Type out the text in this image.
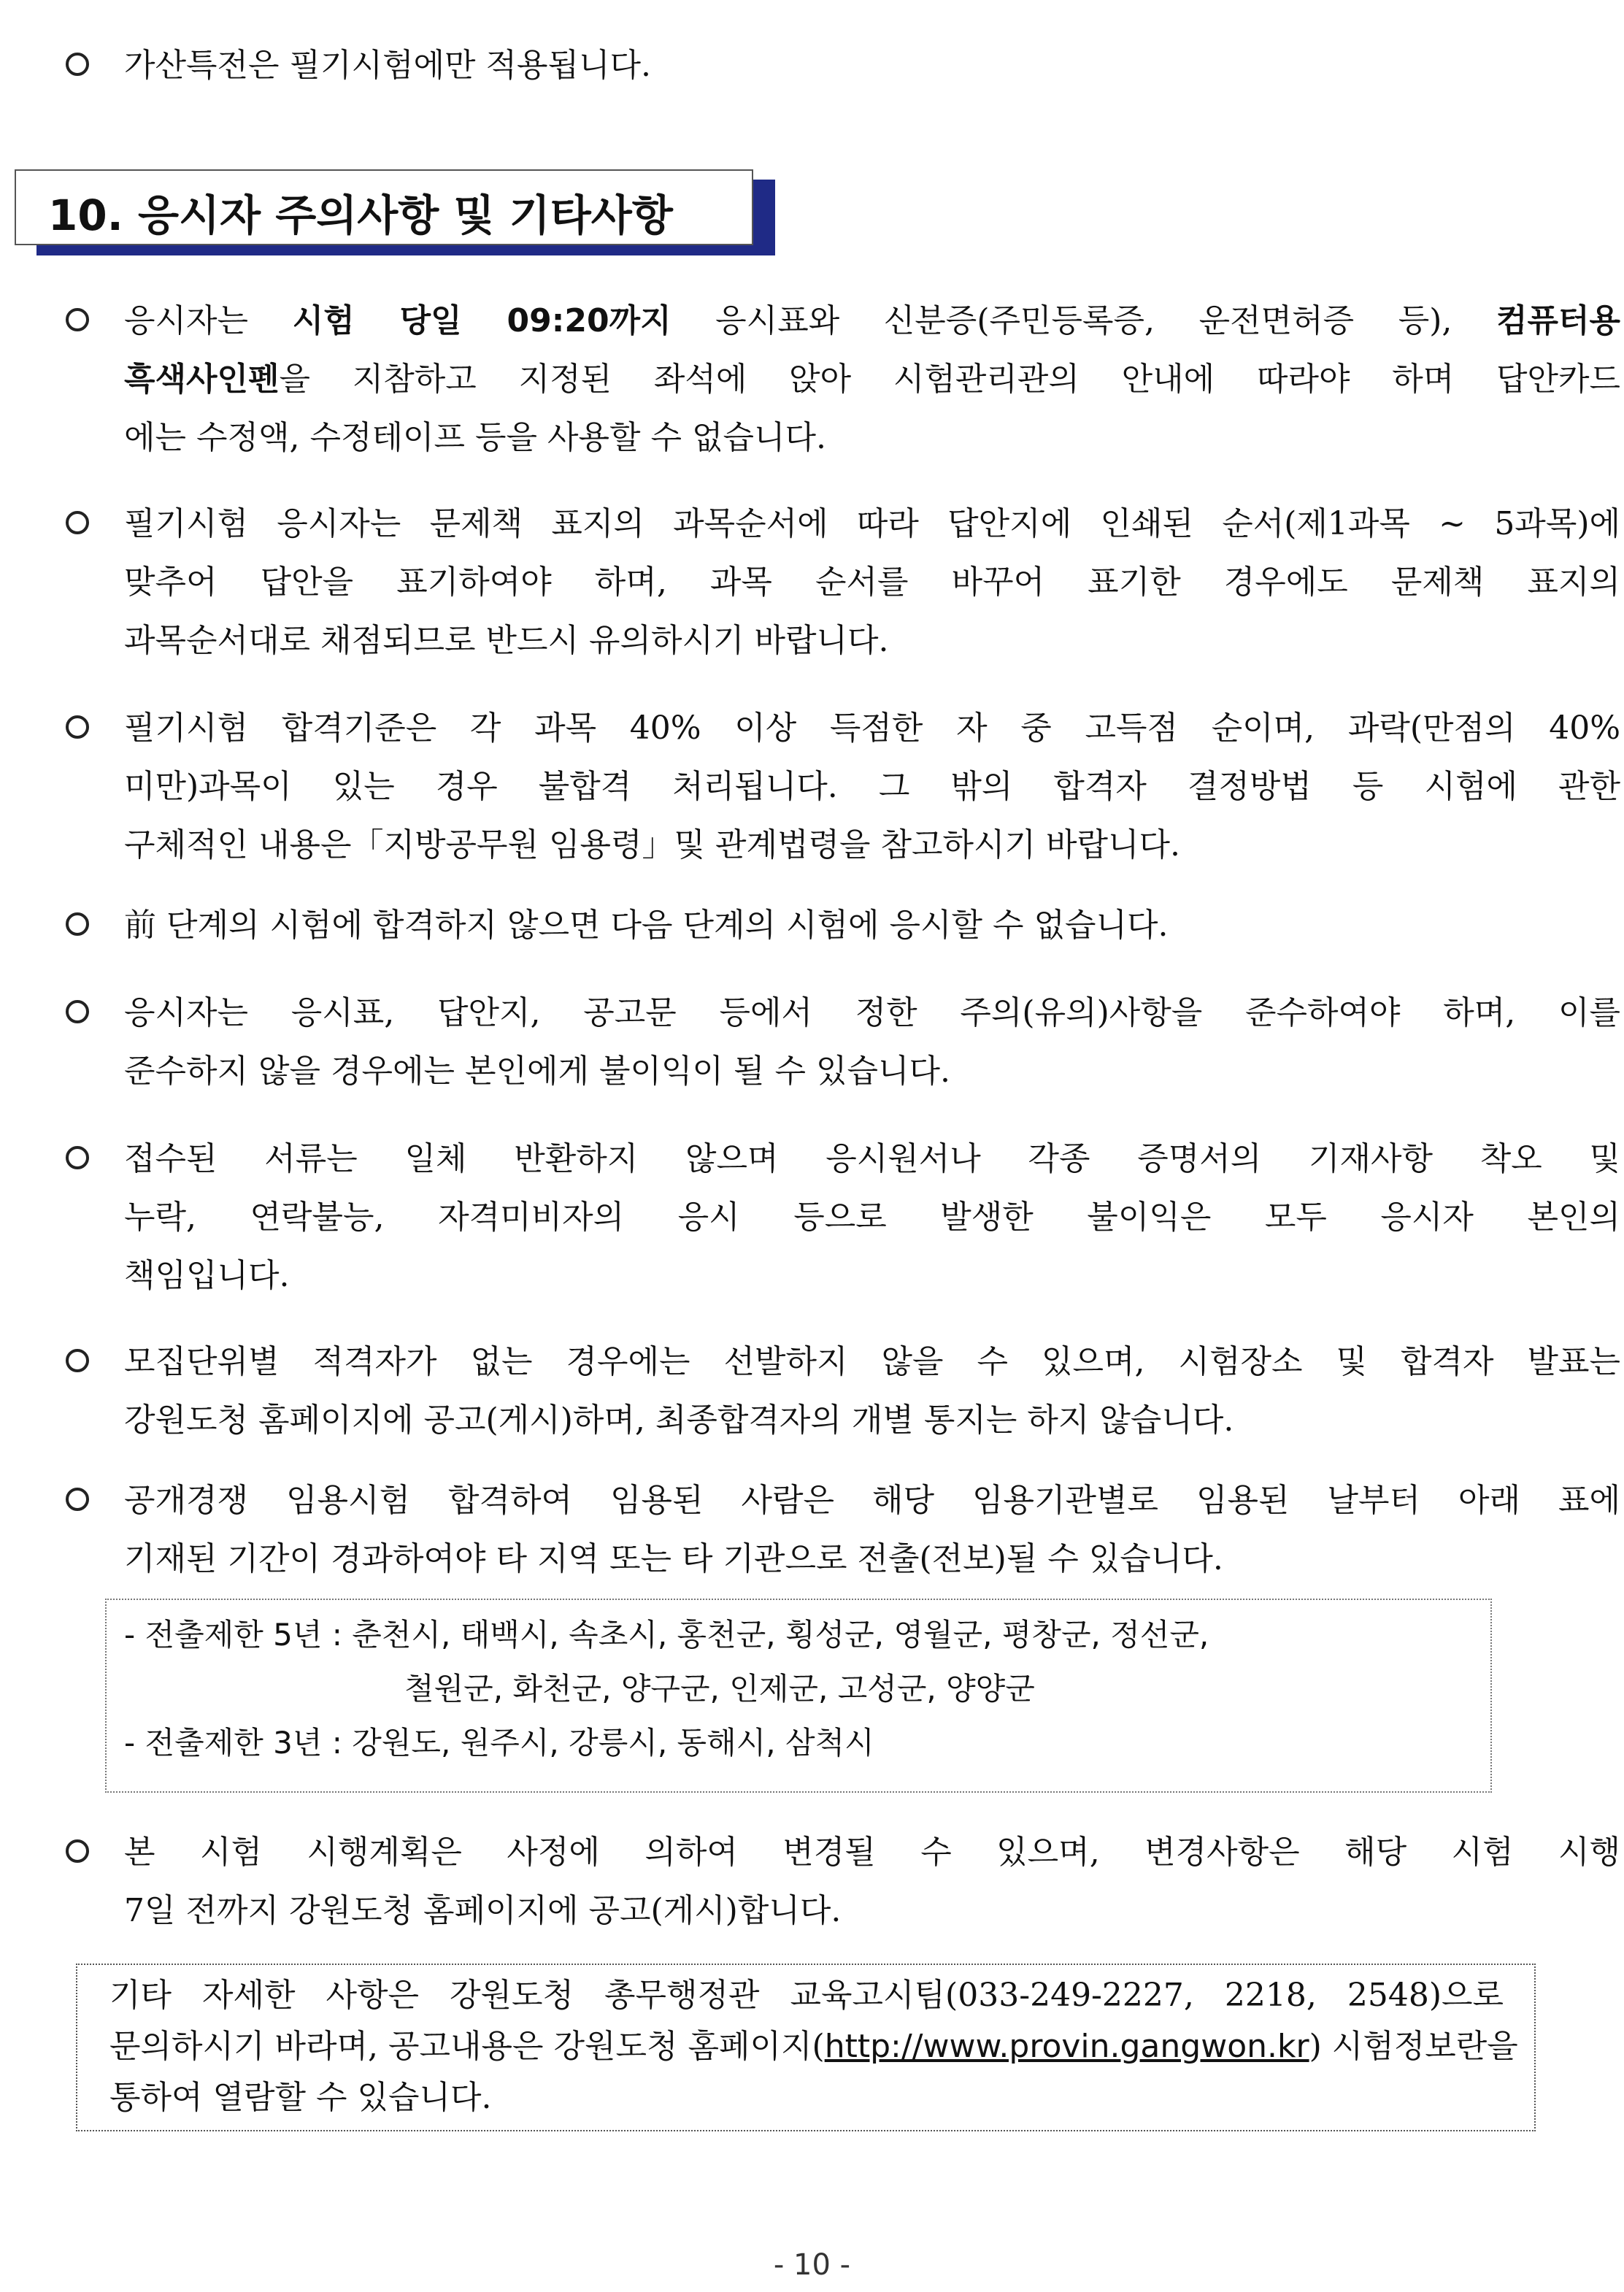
가산특전은 필기시험에만 적용됩니다.
10. 응시자 주의사항 및 기타사항
응시자는 시험 당일 09:20까지 응시표와 신분증(주민등록증, 운전면허증 등), 컴퓨터용
흑색사인펜을 지참하고 지정된 좌석에 앉아 시험관리관의 안내에 따라야 하며 답안카드
에는 수정액, 수정테이프 등을 사용할 수 없습니다.
필기시험 응시자는 문제책 표지의 과목순서에 따라 답안지에 인쇄된 순서(제1과목 ~ 5과목)에
맞추어 답안을 표기하여야 하며, 과목 순서를 바꾸어 표기한 경우에도 문제책 표지의
과목순서대로 채점되므로 반드시 유의하시기 바랍니다.
필기시험 합격기준은 각 과목 40% 이상 득점한 자 중 고득점 순이며, 과락(만점의 40%
미만)과목이 있는 경우 불합격 처리됩니다. 그 밖의 합격자 결정방법 등 시험에 관한
구체적인 내용은「지방공무원 임용령」및 관계법령을 참고하시기 바랍니다.
前 단계의 시험에 합격하지 않으면 다음 단계의 시험에 응시할 수 없습니다.
응시자는 응시표, 답안지, 공고문 등에서 정한 주의(유의)사항을 준수하여야 하며, 이를
준수하지 않을 경우에는 본인에게 불이익이 될 수 있습니다.
접수된 서류는 일체 반환하지 않으며 응시원서나 각종 증명서의 기재사항 착오 및
누락, 연락불능, 자격미비자의 응시 등으로 발생한 불이익은 모두 응시자 본인의
책임입니다.
모집단위별 적격자가 없는 경우에는 선발하지 않을 수 있으며, 시험장소 및 합격자 발표는
강원도청 홈페이지에 공고(게시)하며, 최종합격자의 개별 통지는 하지 않습니다.
공개경쟁 임용시험 합격하여 임용된 사람은 해당 임용기관별로 임용된 날부터 아래 표에
기재된 기간이 경과하여야 타 지역 또는 타 기관으로 전출(전보)될 수 있습니다.
- 전출제한 5년 : 춘천시, 태백시, 속초시, 홍천군, 횡성군, 영월군, 평창군, 정선군,
철원군, 화천군, 양구군, 인제군, 고성군, 양양군
- 전출제한 3년 : 강원도, 원주시, 강릉시, 동해시, 삼척시
본 시험 시행계획은 사정에 의하여 변경될 수 있으며, 변경사항은 해당 시험 시행
7일 전까지 강원도청 홈페이지에 공고(게시)합니다.
기타 자세한 사항은 강원도청 총무행정관 교육고시팀(033-249-2227, 2218, 2548)으로
문의하시기 바라며, 공고내용은 강원도청 홈페이지(http://www.provin.gangwon.kr) 시험정보란을
통하여 열람할 수 있습니다.
- 10 -
